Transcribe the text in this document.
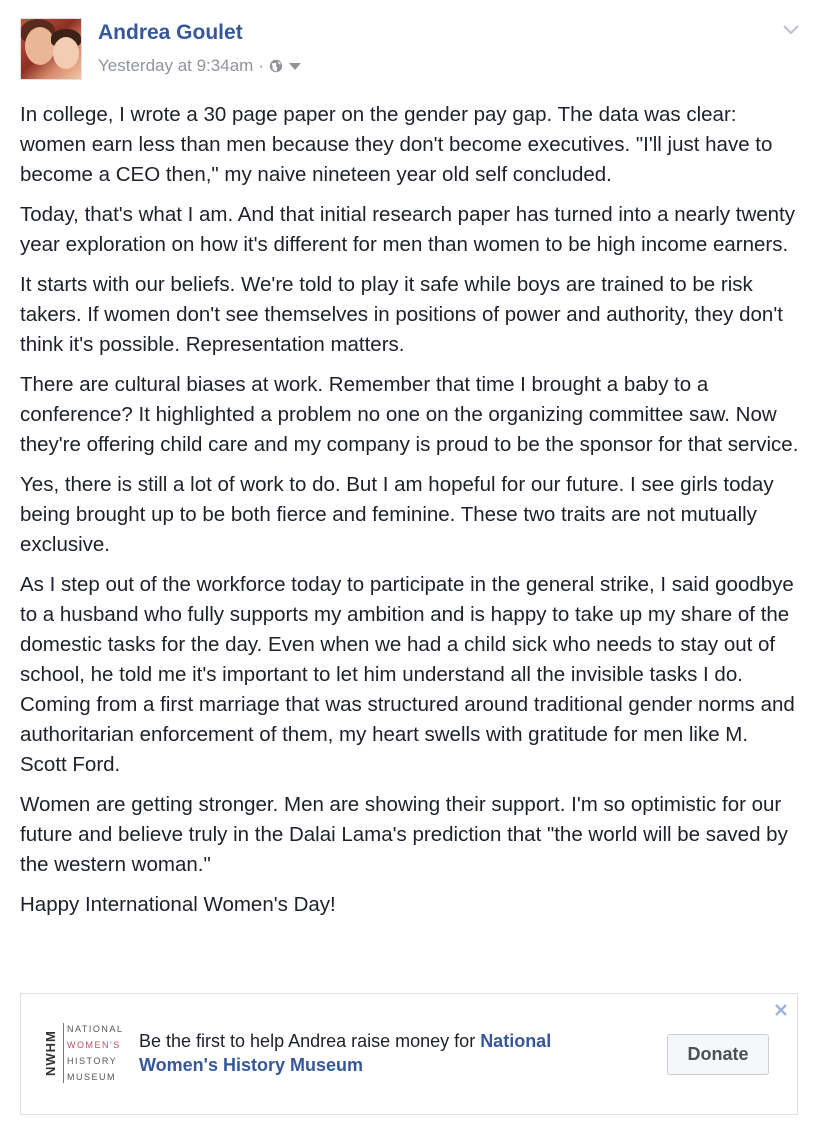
Andrea Goulet
Yesterday at 9:34am ·

In college, I wrote a 30 page paper on the gender pay gap. The data was clear: women earn less than men because they don't become executives. "I'll just have to become a CEO then," my naive nineteen year old self concluded.

Today, that's what I am. And that initial research paper has turned into a nearly twenty year exploration on how it's different for men than women to be high income earners.

It starts with our beliefs. We're told to play it safe while boys are trained to be risk takers. If women don't see themselves in positions of power and authority, they don't think it's possible. Representation matters.

There are cultural biases at work. Remember that time I brought a baby to a conference? It highlighted a problem no one on the organizing committee saw. Now they're offering child care and my company is proud to be the sponsor for that service.

Yes, there is still a lot of work to do. But I am hopeful for our future. I see girls today being brought up to be both fierce and feminine. These two traits are not mutually exclusive.

As I step out of the workforce today to participate in the general strike, I said goodbye to a husband who fully supports my ambition and is happy to take up my share of the domestic tasks for the day. Even when we had a child sick who needs to stay out of school, he told me it's important to let him understand all the invisible tasks I do. Coming from a first marriage that was structured around traditional gender norms and authoritarian enforcement of them, my heart swells with gratitude for men like M. Scott Ford.

Women are getting stronger. Men are showing their support. I'm so optimistic for our future and believe truly in the Dalai Lama's prediction that "the world will be saved by the western woman."

Happy International Women's Day!

NWHM
NATIONAL
WOMEN'S
HISTORY
MUSEUM
Be the first to help Andrea raise money for National Women's History Museum
Donate
